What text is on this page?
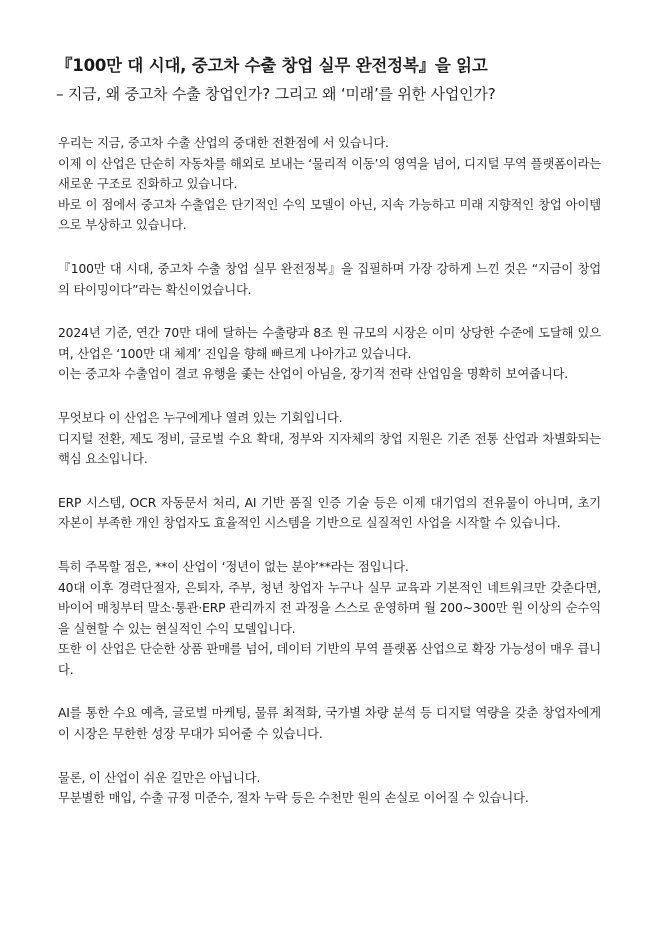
『100만 대 시대, 중고차 수출 창업 실무 완전정복』을 읽고
– 지금, 왜 중고차 수출 창업인가? 그리고 왜 ‘미래’를 위한 사업인가?

우리는 지금, 중고차 수출 산업의 중대한 전환점에 서 있습니다.
이제 이 산업은 단순히 자동차를 해외로 보내는 ‘물리적 이동’의 영역을 넘어, 디지털 무역 플랫폼이라는 새로운 구조로 진화하고 있습니다.
바로 이 점에서 중고차 수출업은 단기적인 수익 모델이 아닌, 지속 가능하고 미래 지향적인 창업 아이템으로 부상하고 있습니다.

『100만 대 시대, 중고차 수출 창업 실무 완전정복』을 집필하며 가장 강하게 느낀 것은 “지금이 창업의 타이밍이다”라는 확신이었습니다.

2024년 기준, 연간 70만 대에 달하는 수출량과 8조 원 규모의 시장은 이미 상당한 수준에 도달해 있으며, 산업은 ‘100만 대 체계’ 진입을 향해 빠르게 나아가고 있습니다.
이는 중고차 수출업이 결코 유행을 좇는 산업이 아님을, 장기적 전략 산업임을 명확히 보여줍니다.

무엇보다 이 산업은 누구에게나 열려 있는 기회입니다.
디지털 전환, 제도 정비, 글로벌 수요 확대, 정부와 지자체의 창업 지원은 기존 전통 산업과 차별화되는 핵심 요소입니다.

ERP 시스템, OCR 자동문서 처리, AI 기반 품질 인증 기술 등은 이제 대기업의 전유물이 아니며, 초기 자본이 부족한 개인 창업자도 효율적인 시스템을 기반으로 실질적인 사업을 시작할 수 있습니다.

특히 주목할 점은, **이 산업이 ‘정년이 없는 분야’**라는 점입니다.
40대 이후 경력단절자, 은퇴자, 주부, 청년 창업자 누구나 실무 교육과 기본적인 네트워크만 갖춘다면, 바이어 매칭부터 말소·통관·ERP 관리까지 전 과정을 스스로 운영하며 월 200~300만 원 이상의 순수익을 실현할 수 있는 현실적인 수익 모델입니다.
또한 이 산업은 단순한 상품 판매를 넘어, 데이터 기반의 무역 플랫폼 산업으로 확장 가능성이 매우 큽니다.

AI를 통한 수요 예측, 글로벌 마케팅, 물류 최적화, 국가별 차량 분석 등 디지털 역량을 갖춘 창업자에게 이 시장은 무한한 성장 무대가 되어줄 수 있습니다.

물론, 이 산업이 쉬운 길만은 아닙니다.
무분별한 매입, 수출 규정 미준수, 절차 누락 등은 수천만 원의 손실로 이어질 수 있습니다.
